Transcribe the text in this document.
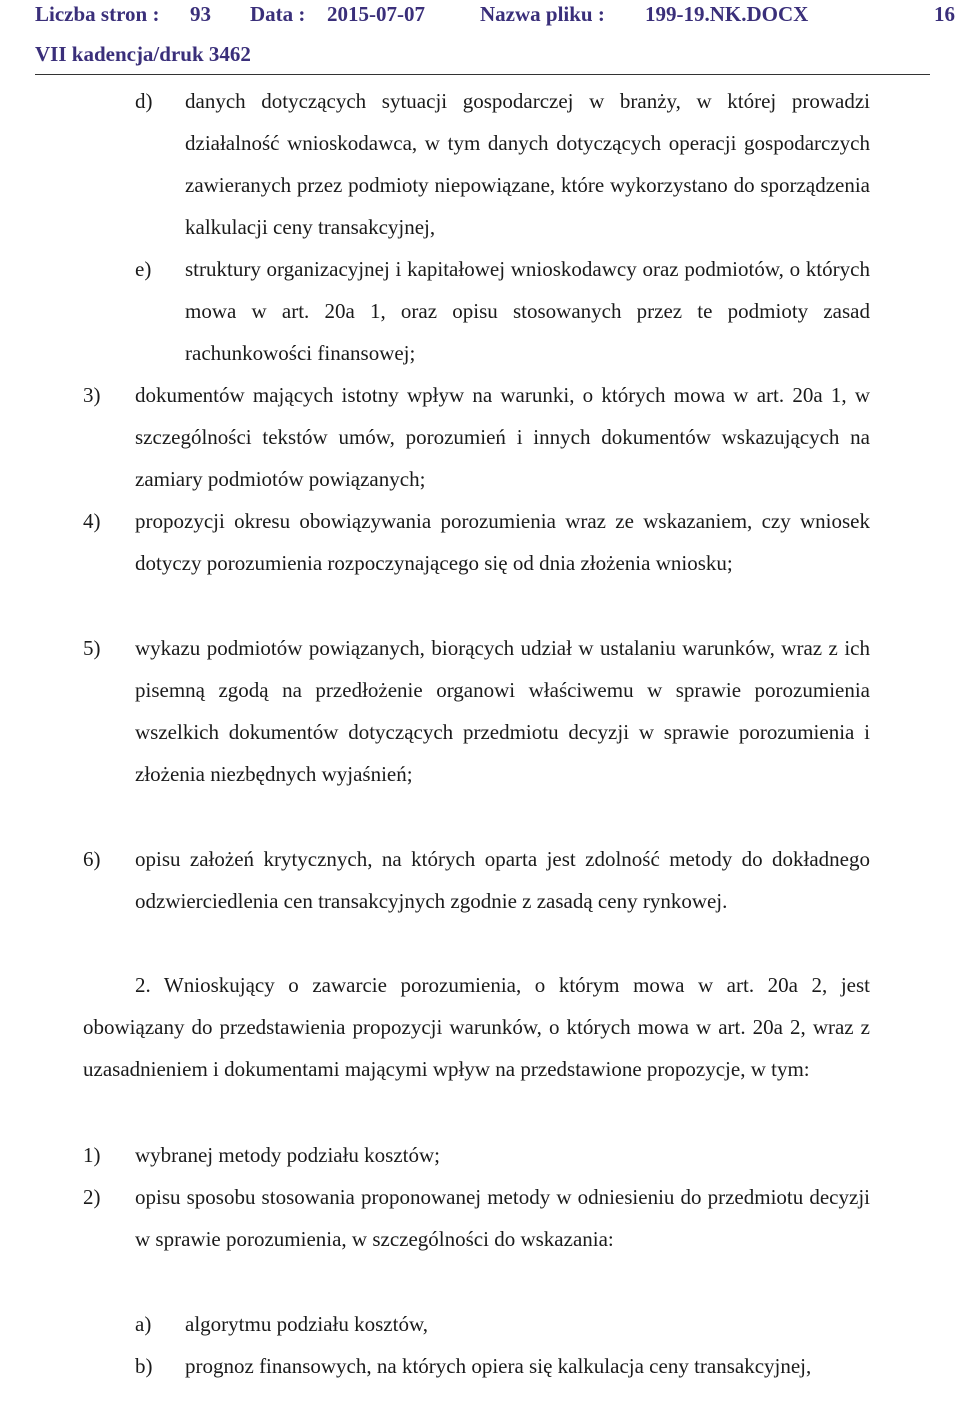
Liczba stron : 93 Data : 2015-07-07	Nazwa pliku : 199-19.NK.DOCX	16
VII kadencja/druk 3462
d) danych dotyczących sytuacji gospodarczej w branży, w której prowadzi działalność wnioskodawca, w tym danych dotyczących operacji gospodarczych zawieranych przez podmioty niepowiązane, które wykorzystano do sporządzenia kalkulacji ceny transakcyjnej,
e) struktury organizacyjnej i kapitałowej wnioskodawcy oraz podmiotów, o których mowa w art. 20a 1, oraz opisu stosowanych przez te podmioty zasad rachunkowości finansowej;
3) dokumentów mających istotny wpływ na warunki, o których mowa w art. 20a 1, w szczególności tekstów umów, porozumień i innych dokumentów wskazujących na zamiary podmiotów powiązanych;
4) propozycji okresu obowiązywania porozumienia wraz ze wskazaniem, czy wniosek dotyczy porozumienia rozpoczynającego się od dnia złożenia wniosku;
5) wykazu podmiotów powiązanych, biorących udział w ustalaniu warunków, wraz z ich pisemną zgodą na przedłożenie organowi właściwemu w sprawie porozumienia wszelkich dokumentów dotyczących przedmiotu decyzji w sprawie porozumienia i złożenia niezbędnych wyjaśnień;
6) opisu założeń krytycznych, na których oparta jest zdolność metody do dokładnego odzwierciedlenia cen transakcyjnych zgodnie z zasadą ceny rynkowej.
2. Wnioskujący o zawarcie porozumienia, o którym mowa w art. 20a 2, jest obowiązany do przedstawienia propozycji warunków, o których mowa w art. 20a 2, wraz z uzasadnieniem i dokumentami mającymi wpływ na przedstawione propozycje, w tym:
1) wybranej metody podziału kosztów;
2) opisu sposobu stosowania proponowanej metody w odniesieniu do przedmiotu decyzji w sprawie porozumienia, w szczególności do wskazania:
a) algorytmu podziału kosztów,
b) prognoz finansowych, na których opiera się kalkulacja ceny transakcyjnej,
